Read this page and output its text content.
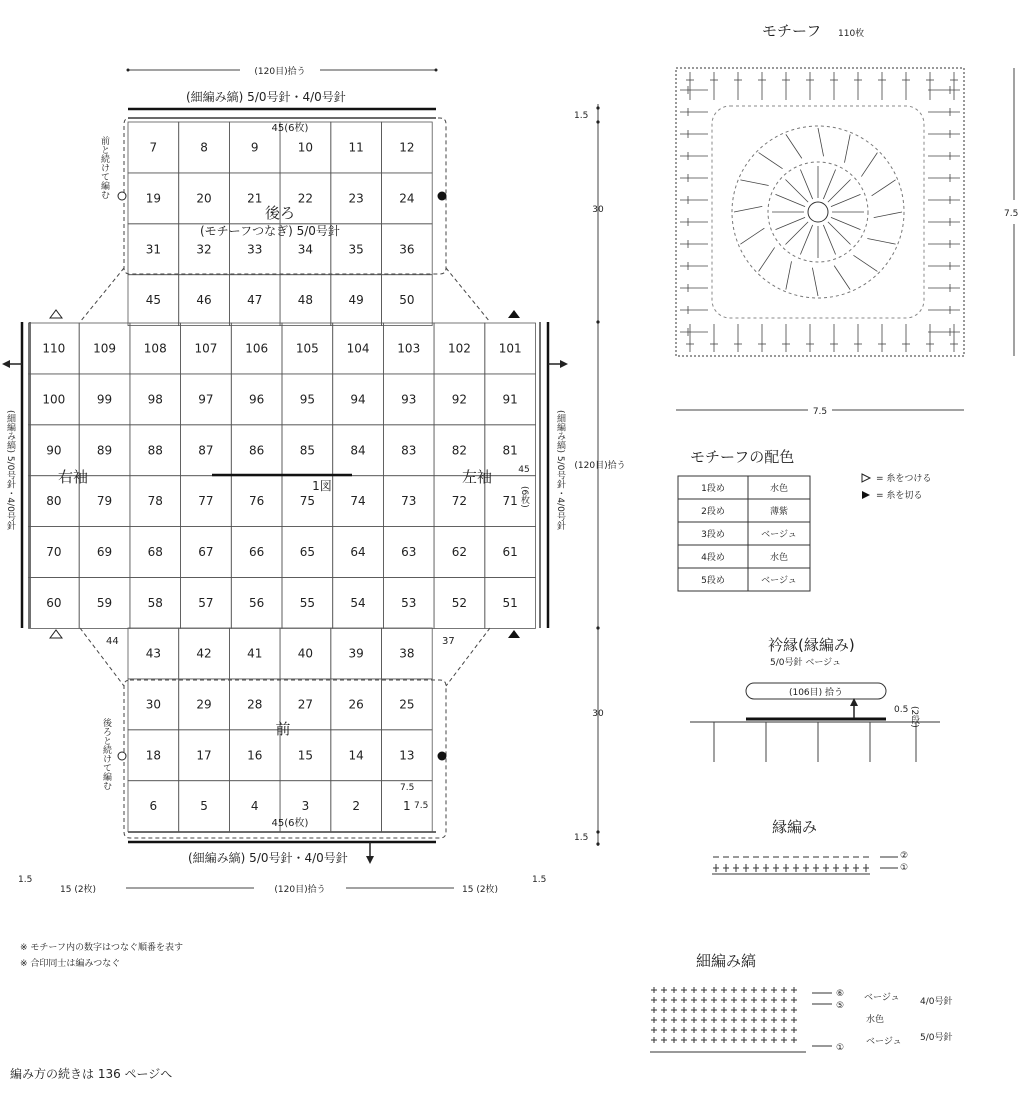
7	8	9	10	11	12
19	20	21	22	23	24
31	32	33	34	35	36
45	46	47	48	49	50
110 109 108 107 106 105 104 103 102 101
100	99	98	97	96	95	94	93	92	91
90	89	88	87	86	85	84	83	82	81
80	79	78	77	76	75	74	73	72	71
70	69	68	67	66	65	64	63	62	61
60	59	58	57	56	55	54	53	52	51
43	42	41	40	39	38
30	29	28	27	26	25
18	17	16	15	14	13
6	5	4	3	2	1
(120目)拾う
(細編み縞) 5/0号針・4/0号針
45(6枚)
後ろ
(モチーフつなぎ) 5/0号針
前
右袖	左袖
1図
(細編み縞) 5/0号針・4/0号針
45(6枚)
(120目)拾う
15 (2枚)	15 (2枚)
1.5	1.5
後ろと続けて編む
前と続けて編む
(細編み縞) 5/0号針・4/0号針	(細編み縞) 5/0号針・4/0号針 (120目)拾う
45
(6枚)
44	37
1.5
1.5
30
30
7.5
7.5
編み方の続きは 136 ページへ
※ モチーフ内の数字はつなぐ順番を表す
※ 合印同士は編みつなぐ
モチーフ 110枚
7.5
7.5
モチーフの配色
1段め	水色
2段め	薄紫
3段め	ベージュ
4段め	水色
5段め	ベージュ
= 糸をつける
= 糸を切る
衿縁(縁編み)
5/0号針 ベージュ
(106目) 拾う
0.5 (2段)
縁編み
②
①
細編み縞
⑥
⑤
①
ベージュ
水色
ベージュ
4/0号針
5/0号針
